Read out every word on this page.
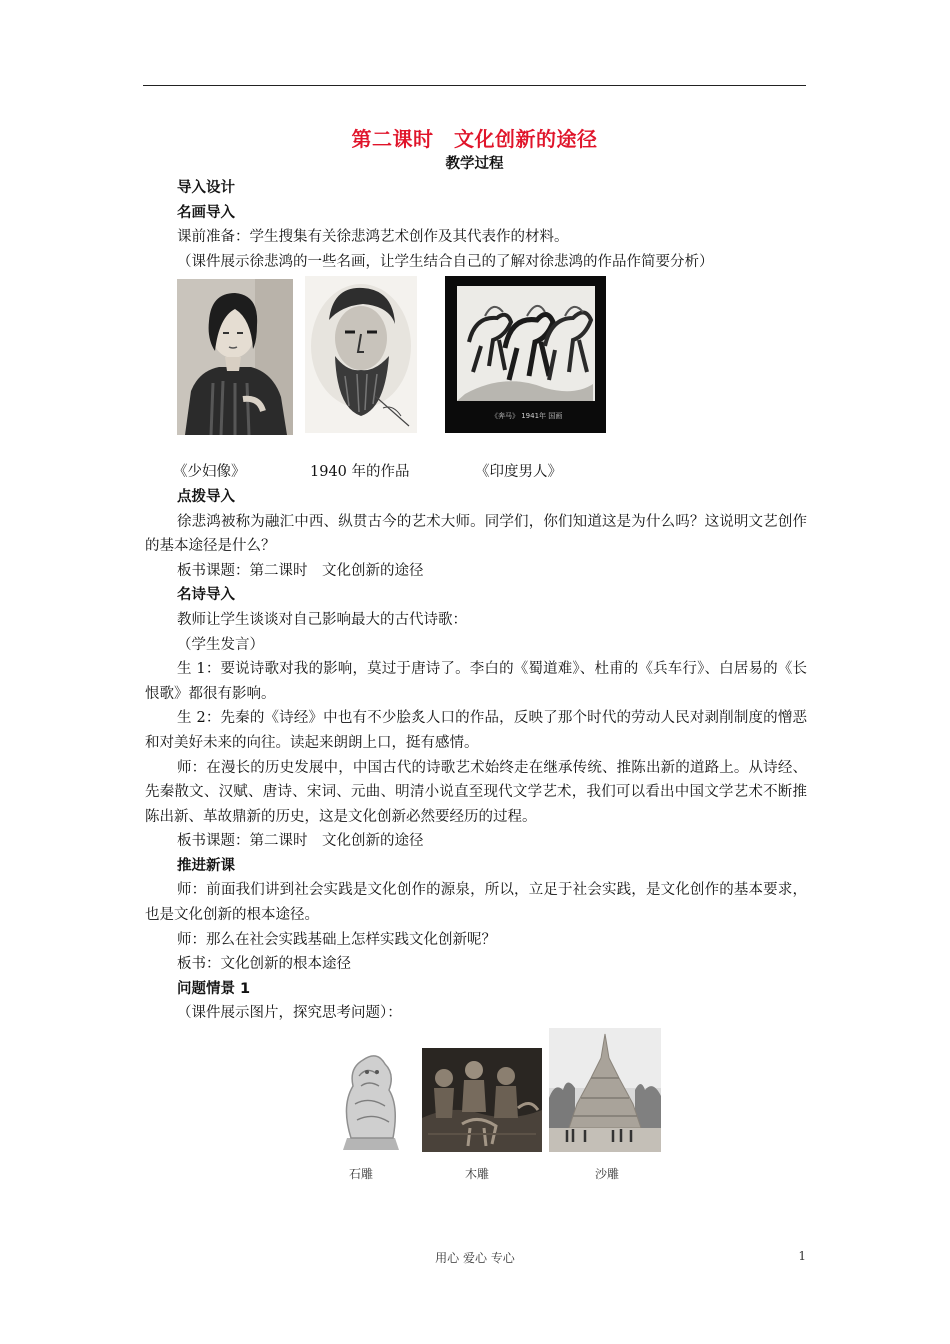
第二课时　文化创新的途径
教学过程

导入设计

名画导入

课前准备：学生搜集有关徐悲鸿艺术创作及其代表作的材料。

（课件展示徐悲鸿的一些名画，让学生结合自己的了解对徐悲鸿的作品作简要分析）

《奔马》 1941年 国画
《少妇像》	1940 年的作品	《印度男人》

点拨导入

徐悲鸿被称为融汇中西、纵贯古今的艺术大师。同学们，你们知道这是为什么吗？这说明文艺创作的基本途径是什么？

板书课题：第二课时　文化创新的途径

名诗导入

教师让学生谈谈对自己影响最大的古代诗歌：

（学生发言）

生 1：要说诗歌对我的影响，莫过于唐诗了。李白的《蜀道难》、杜甫的《兵车行》、白居易的《长恨歌》都很有影响。

生 2：先秦的《诗经》中也有不少脍炙人口的作品，反映了那个时代的劳动人民对剥削制度的憎恶和对美好未来的向往。读起来朗朗上口，挺有感情。

师：在漫长的历史发展中，中国古代的诗歌艺术始终走在继承传统、推陈出新的道路上。从诗经、先秦散文、汉赋、唐诗、宋词、元曲、明清小说直至现代文学艺术，我们可以看出中国文学艺术不断推陈出新、革故鼎新的历史，这是文化创新必然要经历的过程。

板书课题：第二课时　文化创新的途径

推进新课

师：前面我们讲到社会实践是文化创作的源泉，所以，立足于社会实践，是文化创作的基本要求，也是文化创新的根本途径。

师：那么在社会实践基础上怎样实践文化创新呢？

板书：文化创新的根本途径

问题情景 1

（课件展示图片，探究思考问题）：

石雕	木雕	沙雕
用心 爱心 专心	1
